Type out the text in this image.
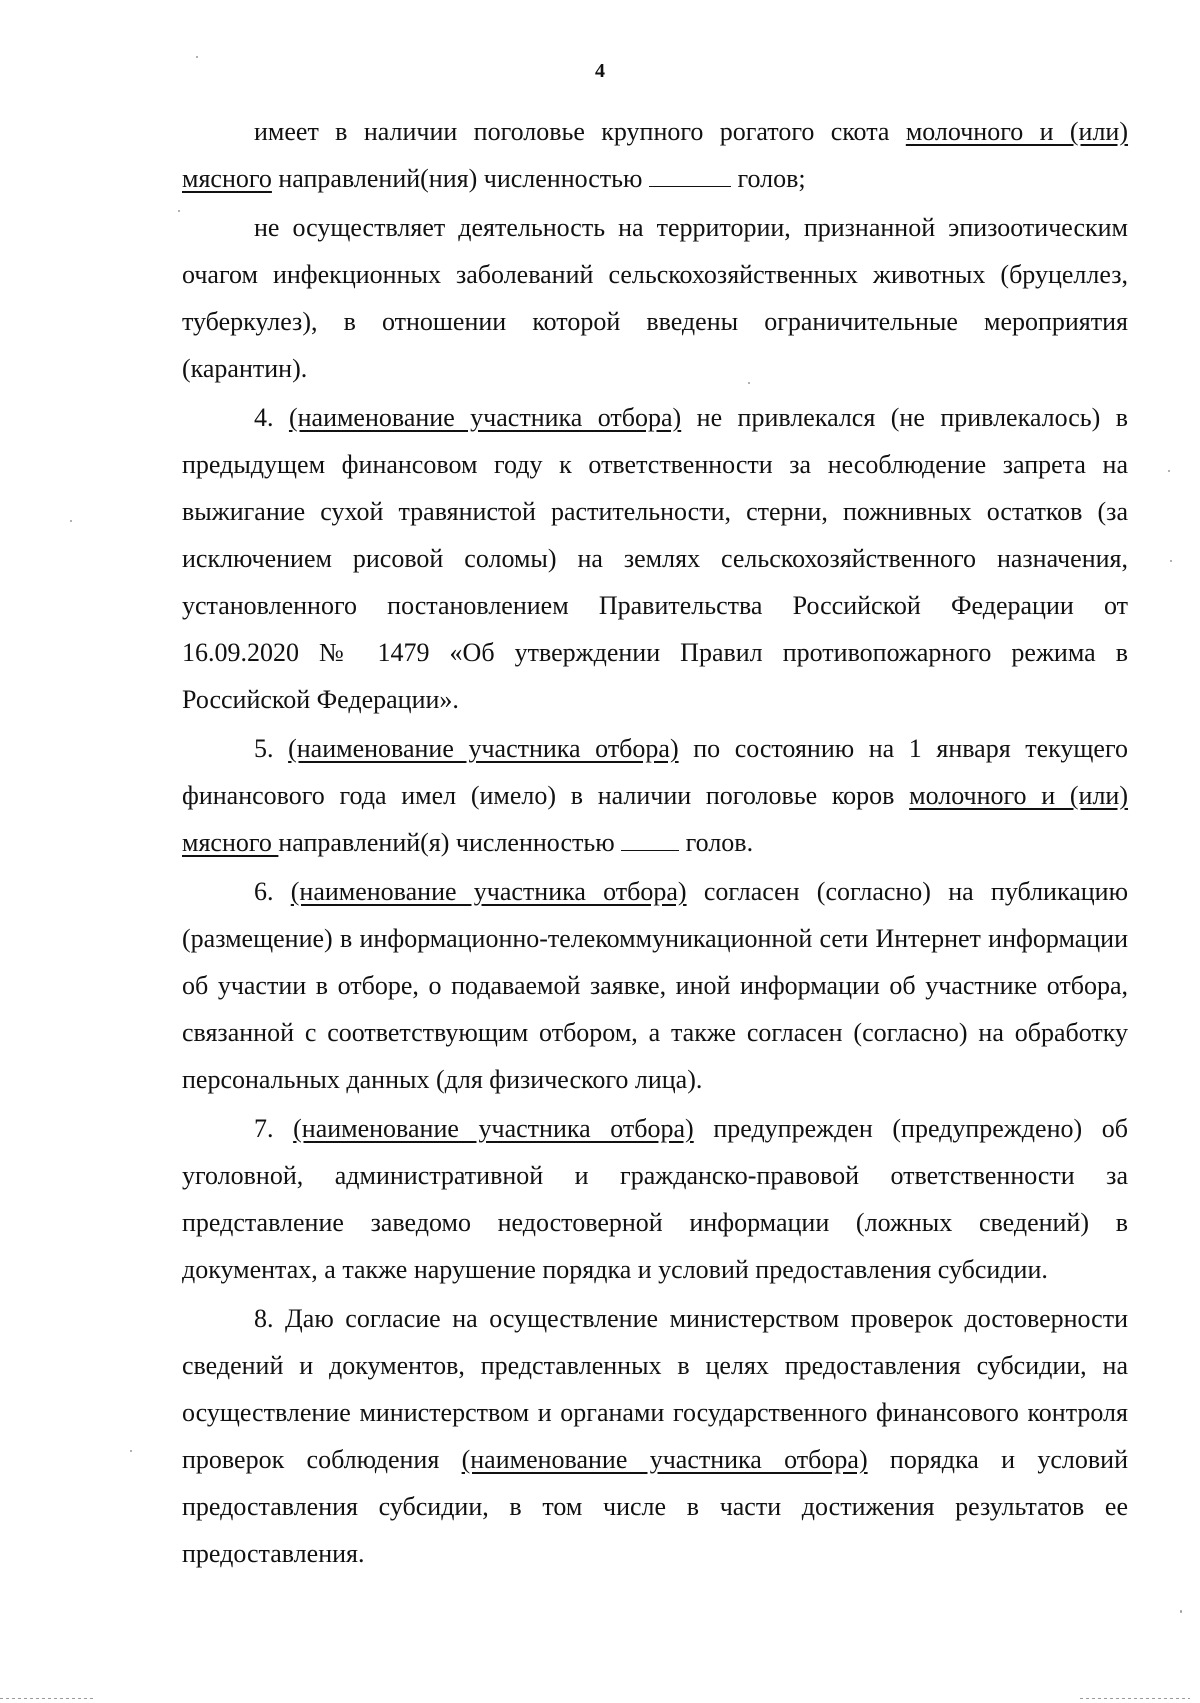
4

имеет в наличии поголовье крупного рогатого скота молочного и (или) мясного направлений(ния) численностью	голов;

не осуществляет деятельность на территории, признанной эпизоотическим очагом инфекционных заболеваний сельскохозяйственных животных (бруцеллез, туберкулез), в отношении которой введены ограничительные мероприятия (карантин).

4. (наименование участника отбора) не привлекался (не привлекалось) в предыдущем финансовом году к ответственности за несоблюдение запрета на выжигание сухой травянистой растительности, стерни, пожнивных остатков (за исключением рисовой соломы) на землях сельскохозяйственного назначения, установленного постановлением Правительства Российской Федерации от 16.09.2020 № 1479 «Об утверждении Правил противопожарного режима в Российской Федерации».

5. (наименование участника отбора) по состоянию на 1 января текущего финансового года имел (имело) в наличии поголовье коров молочного и (или) мясного направлений(я) численностью  голов.

6. (наименование участника отбора) согласен (согласно) на публикацию (размещение) в информационно-телекоммуникационной сети Интернет информации об участии в отборе, о подаваемой заявке, иной информации об участнике отбора, связанной с соответствующим отбором, а также согласен (согласно) на обработку персональных данных (для физического лица).

7. (наименование участника отбора) предупрежден (предупреждено) об уголовной, административной и гражданско-правовой ответственности за представление заведомо недостоверной информации (ложных сведений) в документах, а также нарушение порядка и условий предоставления субсидии.

8. Даю согласие на осуществление министерством проверок достоверности сведений и документов, представленных в целях предоставления субсидии, на осуществление министерством и органами государственного финансового контроля проверок соблюдения (наименование участника отбора) порядка и условий предоставления субсидии, в том числе в части достижения результатов ее предоставления.
